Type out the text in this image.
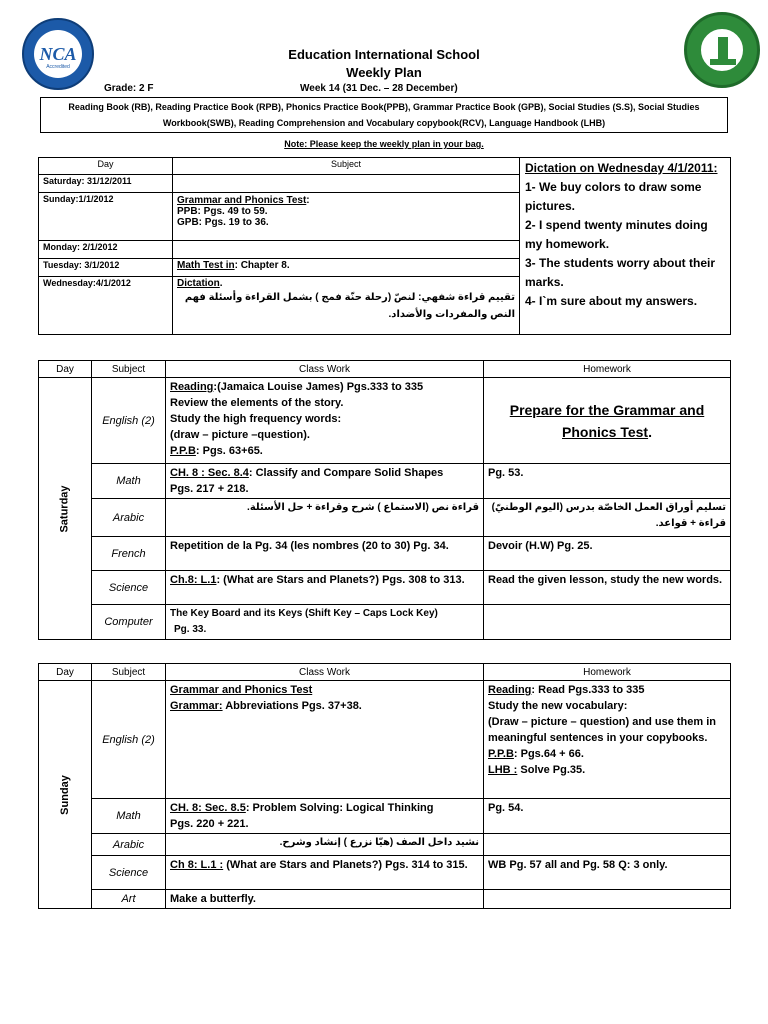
NCA
Accredited
Education International School
Weekly Plan
Grade: 2 F	Week 14 (31 Dec. – 28 December)
Reading Book (RB), Reading Practice Book (RPB), Phonics Practice Book(PPB), Grammar Practice Book (GPB), Social Studies (S.S), Social Studies
Workbook(SWB), Reading Comprehension and Vocabulary copybook(RCV), Language Handbook (LHB)
Note: Please keep the weekly plan in your bag.
Day	Subject	Dictation on Wednesday 4/1/2011:
1- We buy colors to draw some pictures.
2- I spend twenty minutes doing my homework.
3- The students worry about their marks.
4- I`m sure about my answers.

Saturday: 31/12/2011		
Sunday:1/1/2012	Grammar and Phonics Test:
PPB: Pgs. 49 to 59.
GPB: Pgs. 19 to 36.	
Monday: 2/1/2012		
Tuesday: 3/1/2012	Math Test in: Chapter 8.	
Wednesday:4/1/2012	Dictation.
تقييم قراءة شفهي: لنصّ (رحلة حنّة فمج ) بشمل القراءة وأسئلة فهم النص والمفردات والأضداد.	
Day	Subject	Class Work	Homework
Saturday	English (2)	Reading:(Jamaica Louise James) Pgs.333 to 335
Review the elements of the story.
Study the high frequency words:
(draw – picture –question).
P.P.B: Pgs. 63+65.	Prepare for the Grammar and Phonics Test.
	Math	CH. 8 : Sec. 8.4: Classify and Compare Solid Shapes
Pgs. 217 + 218.	Pg. 53.
	Arabic	قراءة نص (الاستماع ) شرح وقراءة + حل الأسئلة.	تسليم أوراق العمل الخاصّة بدرس (اليوم الوطنيّ) قراءة + قواعد.
	French	Repetition de la Pg. 34 (les nombres (20 to 30) Pg. 34.	Devoir (H.W) Pg. 25.
	Science	Ch.8: L.1: (What are Stars and Planets?) Pgs. 308 to 313.	Read the given lesson, study the new words.
	Computer	The Key Board and its Keys (Shift Key – Caps Lock Key)
Pg. 33.	
Day	Subject	Class Work	Homework
Sunday	English (2)	Grammar and Phonics Test
Grammar: Abbreviations Pgs. 37+38.	Reading: Read Pgs.333 to 335
Study the new vocabulary:
(Draw – picture – question) and use them in meaningful sentences in your copybooks.
P.P.B: Pgs.64 + 66.
LHB : Solve Pg.35.
	Math	CH. 8: Sec. 8.5: Problem Solving: Logical Thinking
Pgs. 220 + 221.	Pg. 54.
	Arabic	نشيد داخل الصف (هيّا نزرع ) إنشاد وشرح.	
	Science	Ch 8: L.1 : (What are Stars and Planets?) Pgs. 314 to 315.	WB Pg. 57 all and Pg. 58 Q: 3 only.
	Art	Make a butterfly.	
